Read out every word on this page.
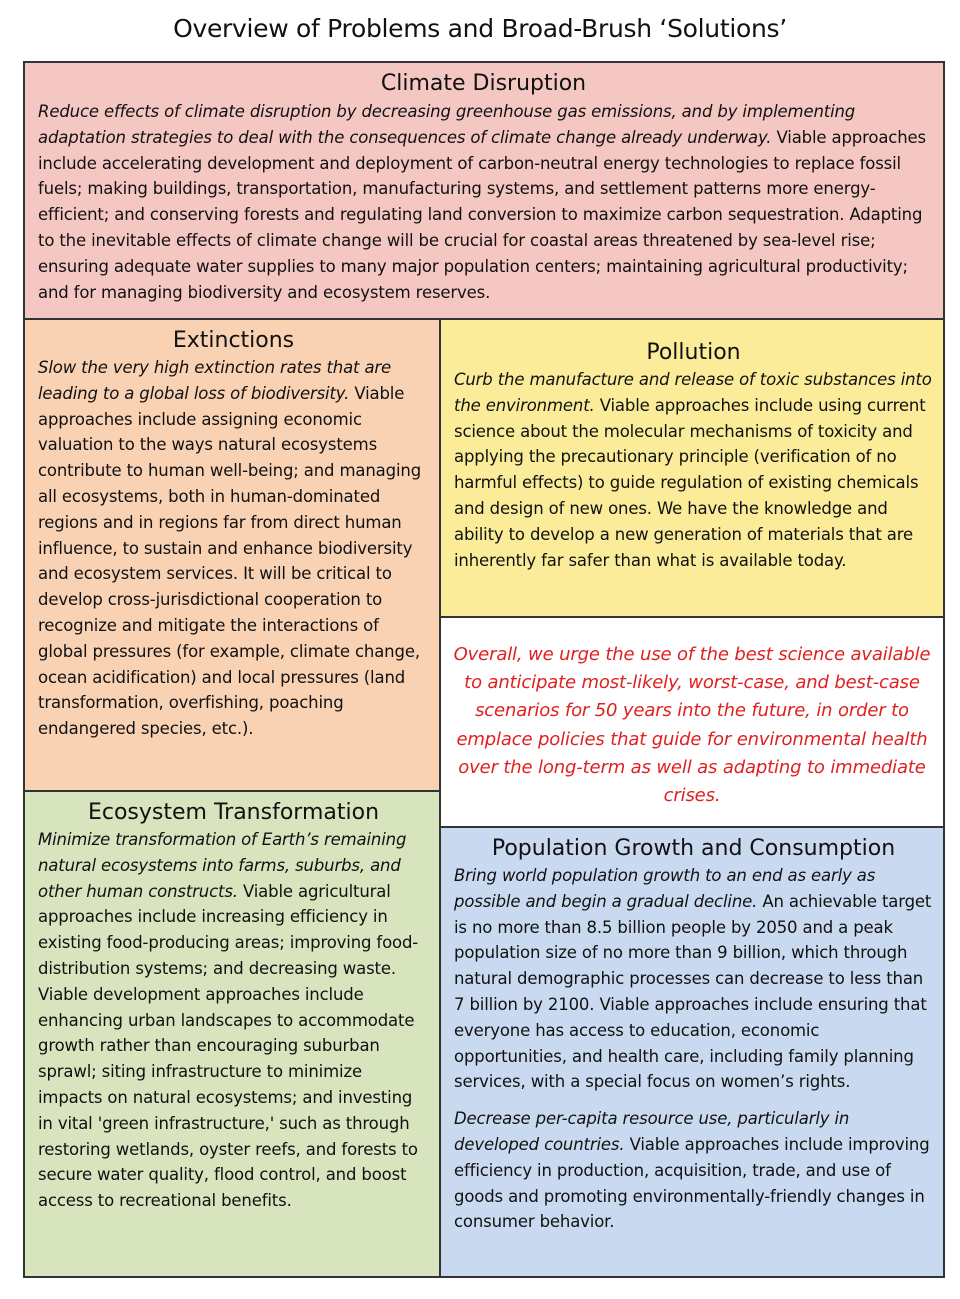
Overview of Problems and Broad-Brush ‘Solutions’
Climate Disruption

Reduce effects of climate disruption by decreasing greenhouse gas emissions, and by implementing adaptation strategies to deal with the consequences of climate change already underway. Viable approaches include accelerating development and deployment of carbon-neutral energy technologies to replace fossil fuels; making buildings, transportation, manufacturing systems, and settlement patterns more energy-efficient; and conserving forests and regulating land conversion to maximize carbon sequestration. Adapting to the inevitable effects of climate change will be crucial for coastal areas threatened by sea-level rise; ensuring adequate water supplies to many major population centers; maintaining agricultural productivity; and for managing biodiversity and ecosystem reserves.

Extinctions

Slow the very high extinction rates that are leading to a global loss of biodiversity. Viable approaches include assigning economic valuation to the ways natural ecosystems contribute to human well-being; and managing all ecosystems, both in human-dominated regions and in regions far from direct human influence, to sustain and enhance biodiversity and ecosystem services. It will be critical to develop cross-jurisdictional cooperation to recognize and mitigate the interactions of global pressures (for example, climate change, ocean acidification) and local pressures (land transformation, overfishing, poaching endangered species, etc.).

Pollution

Curb the manufacture and release of toxic substances into the environment. Viable approaches include using current science about the molecular mechanisms of toxicity and applying the precautionary principle (verification of no harmful effects) to guide regulation of existing chemicals and design of new ones. We have the knowledge and ability to develop a new generation of materials that are inherently far safer than what is available today.

Overall, we urge the use of the best science available to anticipate most-likely, worst-case, and best-case scenarios for 50 years into the future, in order to emplace policies that guide for environmental health over the long-term as well as adapting to immediate crises.

Ecosystem Transformation

Minimize transformation of Earth’s remaining natural ecosystems into farms, suburbs, and other human constructs. Viable agricultural approaches include increasing efficiency in existing food-producing areas; improving food-distribution systems; and decreasing waste. Viable development approaches include enhancing urban landscapes to accommodate growth rather than encouraging suburban sprawl; siting infrastructure to minimize impacts on natural ecosystems; and investing in vital 'green infrastructure,' such as through restoring wetlands, oyster reefs, and forests to secure water quality, flood control, and boost access to recreational benefits.

Population Growth and Consumption

Bring world population growth to an end as early as possible and begin a gradual decline. An achievable target is no more than 8.5 billion people by 2050 and a peak population size of no more than 9 billion, which through natural demographic processes can decrease to less than 7 billion by 2100. Viable approaches include ensuring that everyone has access to education, economic opportunities, and health care, including family planning services, with a special focus on women’s rights.

Decrease per-capita resource use, particularly in developed countries. Viable approaches include improving efficiency in production, acquisition, trade, and use of goods and promoting environmentally-friendly changes in consumer behavior.
